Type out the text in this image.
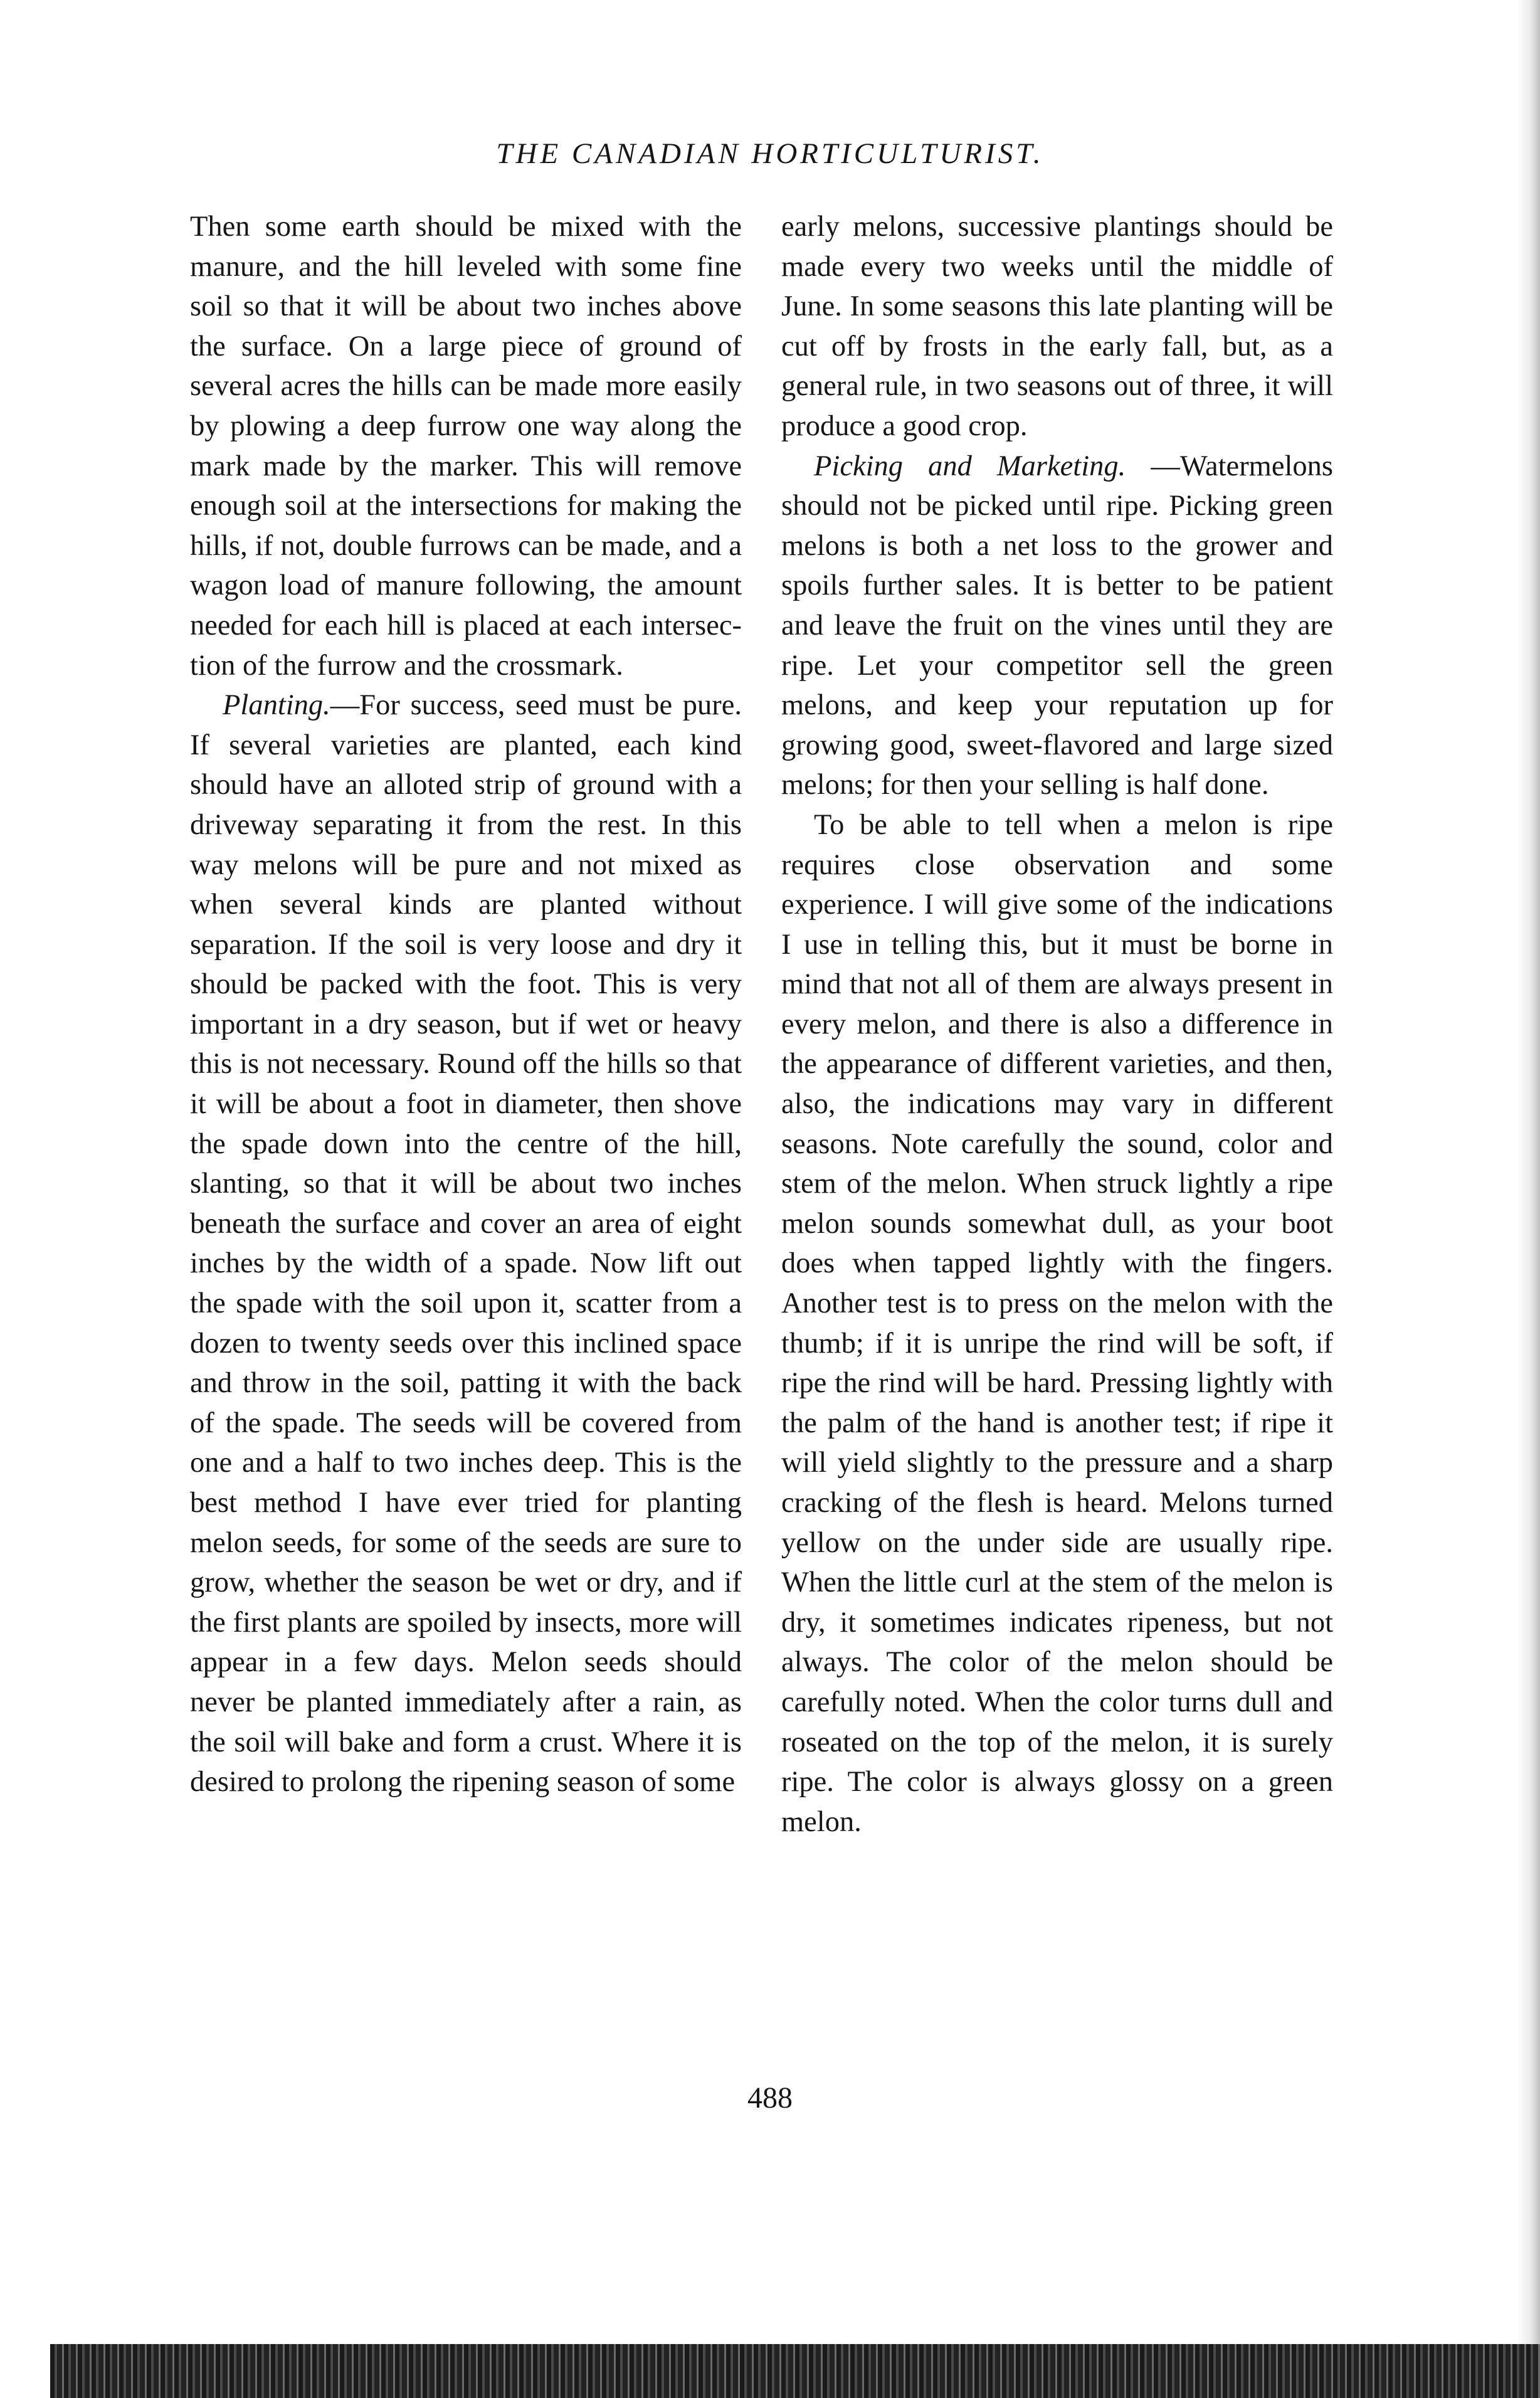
THE CANADIAN HORTICULTURIST.

Then some earth should be mixed with the manure, and the hill leveled with some fine soil so that it will be about two inches above the surface. On a large piece of ground of several acres the hills can be made more easily by plowing a deep furrow one way along the mark made by the marker. This will remove enough soil at the intersections for making the hills, if not, double furrows can be made, and a wagon load of manure following, the amount needed for each hill is placed at each intersection of the furrow and the crossmark.

Planting.—For success, seed must be pure. If several varieties are planted, each kind should have an alloted strip of ground with a driveway separating it from the rest. In this way melons will be pure and not mixed as when several kinds are planted without separation. If the soil is very loose and dry it should be packed with the foot. This is very important in a dry season, but if wet or heavy this is not necessary. Round off the hills so that it will be about a foot in diameter, then shove the spade down into the centre of the hill, slanting, so that it will be about two inches beneath the surface and cover an area of eight inches by the width of a spade. Now lift out the spade with the soil upon it, scatter from a dozen to twenty seeds over this inclined space and throw in the soil, patting it with the back of the spade. The seeds will be covered from one and a half to two inches deep. This is the best method I have ever tried for planting melon seeds, for some of the seeds are sure to grow, whether the season be wet or dry, and if the first plants are spoiled by insects, more will appear in a few days. Melon seeds should never be planted immediately after a rain, as the soil will bake and form a crust. Where it is desired to prolong the ripening season of some

early melons, successive plantings should be made every two weeks until the middle of June. In some seasons this late planting will be cut off by frosts in the early fall, but, as a general rule, in two seasons out of three, it will produce a good crop.

Picking and Marketing. —Watermelons should not be picked until ripe. Picking green melons is both a net loss to the grower and spoils further sales. It is better to be patient and leave the fruit on the vines until they are ripe. Let your competitor sell the green melons, and keep your reputation up for growing good, sweet-flavored and large sized melons; for then your selling is half done.

To be able to tell when a melon is ripe requires close observation and some experience. I will give some of the indications I use in telling this, but it must be borne in mind that not all of them are always present in every melon, and there is also a difference in the appearance of different varieties, and then, also, the indications may vary in different seasons. Note carefully the sound, color and stem of the melon. When struck lightly a ripe melon sounds somewhat dull, as your boot does when tapped lightly with the fingers. Another test is to press on the melon with the thumb; if it is unripe the rind will be soft, if ripe the rind will be hard. Pressing lightly with the palm of the hand is another test; if ripe it will yield slightly to the pressure and a sharp cracking of the flesh is heard. Melons turned yellow on the under side are usually ripe. When the little curl at the stem of the melon is dry, it sometimes indicates ripeness, but not always. The color of the melon should be carefully noted. When the color turns dull and roseated on the top of the melon, it is surely ripe. The color is always glossy on a green melon.

488
